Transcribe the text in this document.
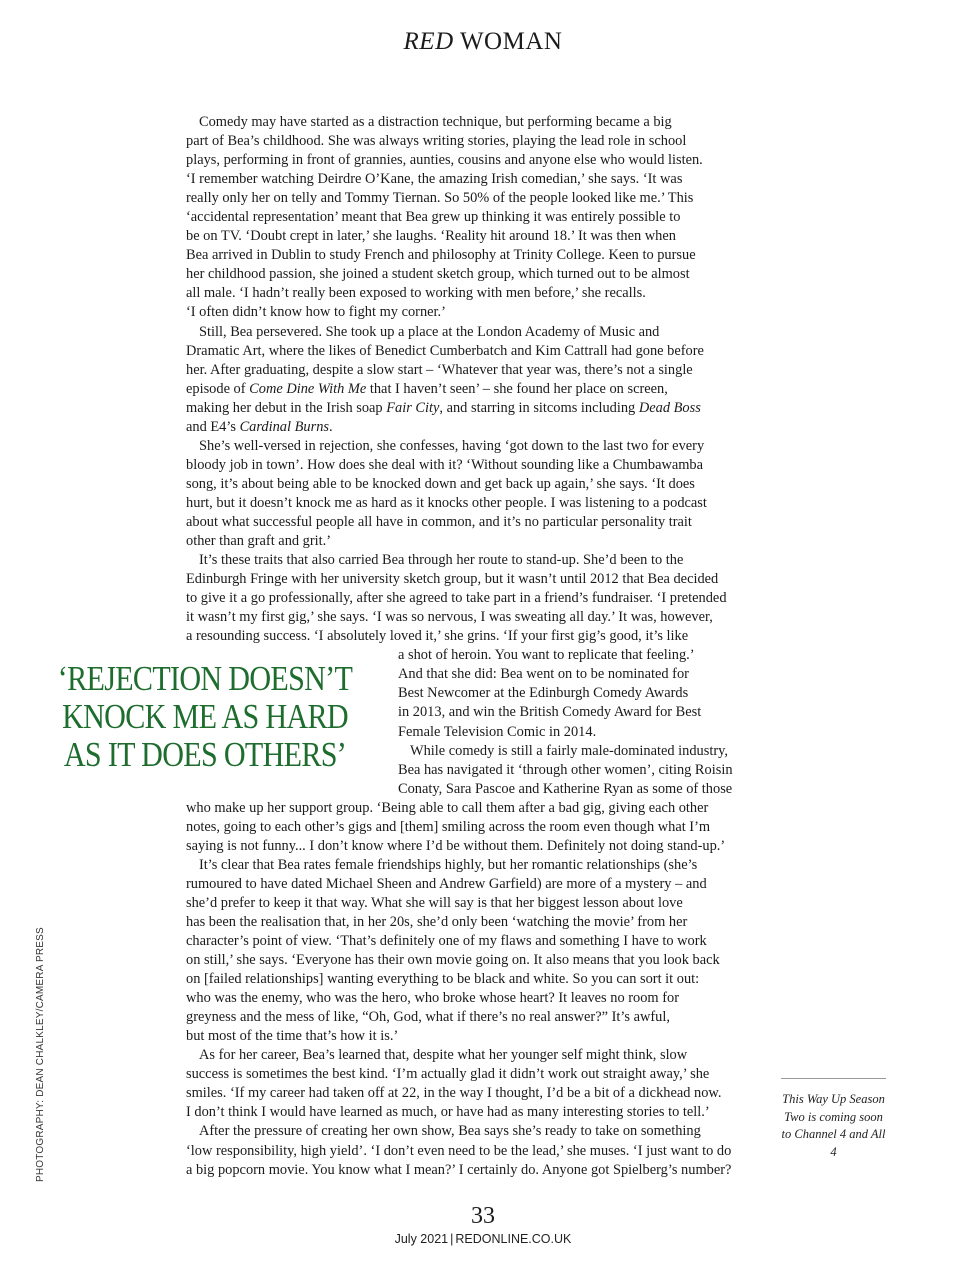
RED WOMAN

Comedy may have started as a distraction technique, but performing became a big
part of Bea’s childhood. She was always writing stories, playing the lead role in school
plays, performing in front of grannies, aunties, cousins and anyone else who would listen.
‘I remember watching Deirdre O’Kane, the amazing Irish comedian,’ she says. ‘It was
really only her on telly and Tommy Tiernan. So 50% of the people looked like me.’ This
‘accidental representation’ meant that Bea grew up thinking it was entirely possible to
be on TV. ‘Doubt crept in later,’ she laughs. ‘Reality hit around 18.’ It was then when
Bea arrived in Dublin to study French and philosophy at Trinity College. Keen to pursue
her childhood passion, she joined a student sketch group, which turned out to be almost
all male. ‘I hadn’t really been exposed to working with men before,’ she recalls.
‘I often didn’t know how to fight my corner.’

Still, Bea persevered. She took up a place at the London Academy of Music and Dramatic Art, where the likes of Benedict Cumberbatch and Kim Cattrall had gone before her. After graduating, despite a slow start – ‘Whatever that year was, there’s not a single episode of Come Dine With Me that I haven’t seen’ – she found her place on screen, making her debut in the Irish soap Fair City, and starring in sitcoms including Dead Boss and E4’s Cardinal Burns.

She’s well-versed in rejection, she confesses, having ‘got down to the last two for every
bloody job in town’. How does she deal with it? ‘Without sounding like a Chumbawamba
song, it’s about being able to be knocked down and get back up again,’ she says. ‘It does
hurt, but it doesn’t knock me as hard as it knocks other people. I was listening to a podcast
about what successful people all have in common, and it’s no particular personality trait
other than graft and grit.’

It’s these traits that also carried Bea through her route to stand-up. She’d been to the
Edinburgh Fringe with her university sketch group, but it wasn’t until 2012 that Bea decided
to give it a go professionally, after she agreed to take part in a friend’s fundraiser. ‘I pretended
it wasn’t my first gig,’ she says. ‘I was so nervous, I was sweating all day.’ It was, however,
a resounding success. ‘I absolutely loved it,’ she grins. ‘If your first gig’s good, it’s like
a shot of heroin. You want to replicate that feeling.’
And that she did: Bea went on to be nominated for
Best Newcomer at the Edinburgh Comedy Awards
in 2013, and win the British Comedy Award for Best
Female Television Comic in 2014.

While comedy is still a fairly male-dominated industry,
Bea has navigated it ‘through other women’, citing Roisin
Conaty, Sara Pascoe and Katherine Ryan as some of those
who make up her support group. ‘Being able to call them after a bad gig, giving each other
notes, going to each other’s gigs and [them] smiling across the room even though what I’m
saying is not funny... I don’t know where I’d be without them. Definitely not doing stand-up.’

It’s clear that Bea rates female friendships highly, but her romantic relationships (she’s
rumoured to have dated Michael Sheen and Andrew Garfield) are more of a mystery – and
she’d prefer to keep it that way. What she will say is that her biggest lesson about love
has been the realisation that, in her 20s, she’d only been ‘watching the movie’ from her
character’s point of view. ‘That’s definitely one of my flaws and something I have to work
on still,’ she says. ‘Everyone has their own movie going on. It also means that you look back
on [failed relationships] wanting everything to be black and white. So you can sort it out:
who was the enemy, who was the hero, who broke whose heart? It leaves no room for
greyness and the mess of like, “Oh, God, what if there’s no real answer?” It’s awful,
but most of the time that’s how it is.’

As for her career, Bea’s learned that, despite what her younger self might think, slow
success is sometimes the best kind. ‘I’m actually glad it didn’t work out straight away,’ she
smiles. ‘If my career had taken off at 22, in the way I thought, I’d be a bit of a dickhead now.
I don’t think I would have learned as much, or have had as many interesting stories to tell.’

After the pressure of creating her own show, Bea says she’s ready to take on something
‘low responsibility, high yield’. ‘I don’t even need to be the lead,’ she muses. ‘I just want to do
a big popcorn movie. You know what I mean?’ I certainly do. Anyone got Spielberg’s number?

‘REJECTION DOESN’T KNOCK ME AS HARD AS IT DOES OTHERS’
PHOTOGRAPHY: DEAN CHALKLEY/CAMERA PRESS	This Way Up Season Two is coming soon to Channel 4 and All 4
33
July 2021 | REDONLINE.CO.UK
